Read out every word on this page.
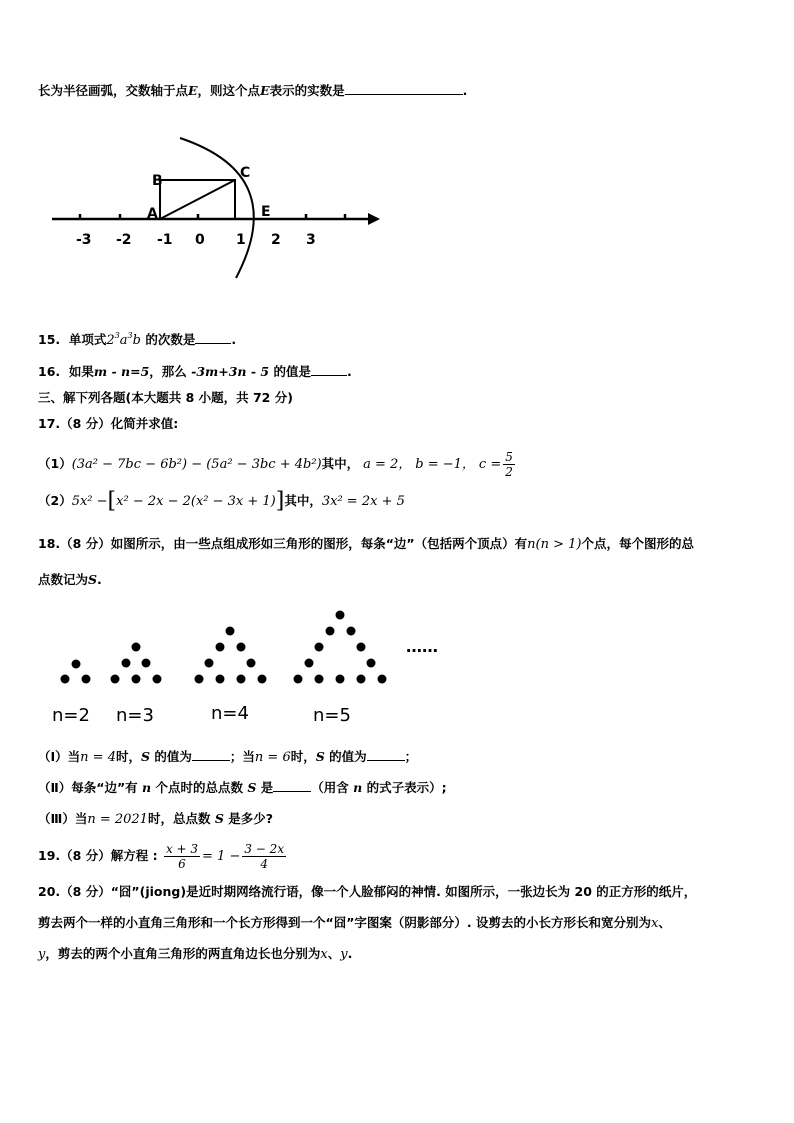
长为半径画弧，交数轴于点E，则这个点E表示的实数是	.
B	C
A	E
-3 -2 -1 0 1 2 3
15. 单项式$2^3a^3b$ 的次数是	.
16. 如果m - n=5，那么 -3m+3n - 5 的值是	.
三、解下列各题(本大题共 8 小题，共 72 分)
17.（8 分）化简并求值:
（1）(3a² − 7bc − 6b²) − (5a² − 3bc + 4b²)其中， a = 2， b = −1， $c = \frac{5}{2}$
（2）5x² −[x² − 2x − 2(x² − 3x + 1)]其中，3x² = 2x + 5
18.（8 分）如图所示，由一些点组成形如三角形的图形，每条“边”（包括两个顶点）有n(n > 1)个点，每个图形的总
点数记为S.
……
n=2 n=3	n=4	n=5
（Ⅰ）当n = 4时，S 的值为	；当n = 6时，S 的值为	；
（Ⅱ）每条“边”有 n 个点时的总点数 S 是	（用含 n 的式子表示）;
（Ⅲ）当n = 2021时，总点数 S 是多少?
19.（8 分）解方程 : $\frac{x + 3}{6} = 1 - \frac{3 - 2x}{4}$
20.（8 分）“囧”(jiong)是近时期网络流行语，像一个人脸郁闷的神情. 如图所示，一张边长为 20 的正方形的纸片，
剪去两个一样的小直角三角形和一个长方形得到一个“囧”字图案（阴影部分）. 设剪去的小长方形长和宽分别为x、
y，剪去的两个小直角三角形的两直角边长也分别为x、y.
